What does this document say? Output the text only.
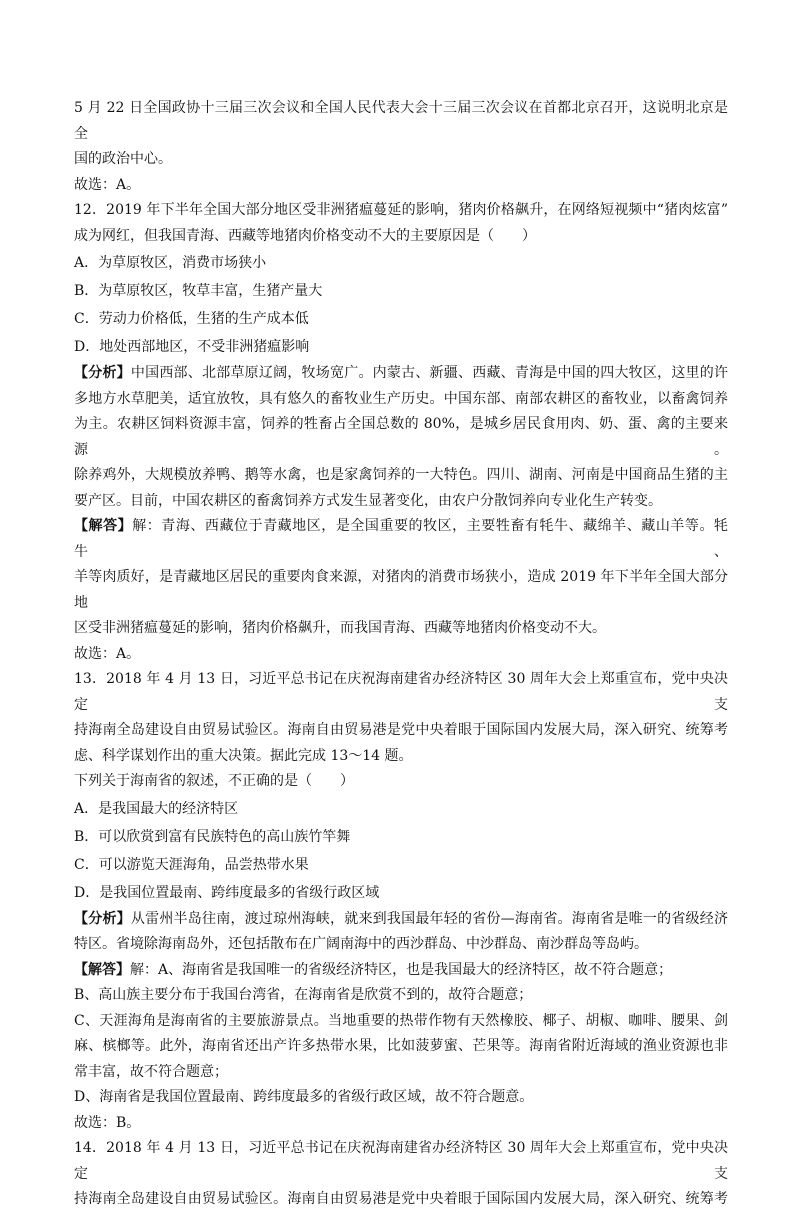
5 月 22 日全国政协十三届三次会议和全国人民代表大会十三届三次会议在首都北京召开，这说明北京是全
国的政治中心。
故选：A。
12．2019 年下半年全国大部分地区受非洲猪瘟蔓延的影响，猪肉价格飙升，在网络短视频中“猪肉炫富”
成为网红，但我国青海、西藏等地猪肉价格变动不大的主要原因是（　　）
A．为草原牧区，消费市场狭小
B．为草原牧区，牧草丰富，生猪产量大
C．劳动力价格低，生猪的生产成本低
D．地处西部地区，不受非洲猪瘟影响
【分析】中国西部、北部草原辽阔，牧场宽广。内蒙古、新疆、西藏、青海是中国的四大牧区，这里的许
多地方水草肥美，适宜放牧，具有悠久的畜牧业生产历史。中国东部、南部农耕区的畜牧业，以畜禽饲养
为主。农耕区饲料资源丰富，饲养的牲畜占全国总数的 80%，是城乡居民食用肉、奶、蛋、禽的主要来源。
除养鸡外，大规模放养鸭、鹅等水禽，也是家禽饲养的一大特色。四川、湖南、河南是中国商品生猪的主
要产区。目前，中国农耕区的畜禽饲养方式发生显著变化，由农户分散饲养向专业化生产转变。
【解答】解：青海、西藏位于青藏地区，是全国重要的牧区，主要牲畜有牦牛、藏绵羊、藏山羊等。牦牛、
羊等肉质好，是青藏地区居民的重要肉食来源，对猪肉的消费市场狭小，造成 2019 年下半年全国大部分地
区受非洲猪瘟蔓延的影响，猪肉价格飙升，而我国青海、西藏等地猪肉价格变动不大。
故选：A。
13．2018 年 4 月 13 日，习近平总书记在庆祝海南建省办经济特区 30 周年大会上郑重宣布，党中央决定支
持海南全岛建设自由贸易试验区。海南自由贸易港是党中央着眼于国际国内发展大局，深入研究、统筹考
虑、科学谋划作出的重大决策。据此完成 13～14 题。
下列关于海南省的叙述，不正确的是（　　）
A．是我国最大的经济特区
B．可以欣赏到富有民族特色的高山族竹竿舞
C．可以游览天涯海角，品尝热带水果
D．是我国位置最南、跨纬度最多的省级行政区域
【分析】从雷州半岛往南，渡过琼州海峡，就来到我国最年轻的省份—海南省。海南省是唯一的省级经济
特区。省境除海南岛外，还包括散布在广阔南海中的西沙群岛、中沙群岛、南沙群岛等岛屿。
【解答】解：A、海南省是我国唯一的省级经济特区，也是我国最大的经济特区，故不符合题意；
B、高山族主要分布于我国台湾省，在海南省是欣赏不到的，故符合题意；
C、天涯海角是海南省的主要旅游景点。当地重要的热带作物有天然橡胶、椰子、胡椒、咖啡、腰果、剑
麻、槟榔等。此外，海南省还出产许多热带水果，比如菠萝蜜、芒果等。海南省附近海域的渔业资源也非
常丰富，故不符合题意；
D、海南省是我国位置最南、跨纬度最多的省级行政区域，故不符合题意。
故选：B。
14．2018 年 4 月 13 日，习近平总书记在庆祝海南建省办经济特区 30 周年大会上郑重宣布，党中央决定支
持海南全岛建设自由贸易试验区。海南自由贸易港是党中央着眼于国际国内发展大局，深入研究、统筹考
